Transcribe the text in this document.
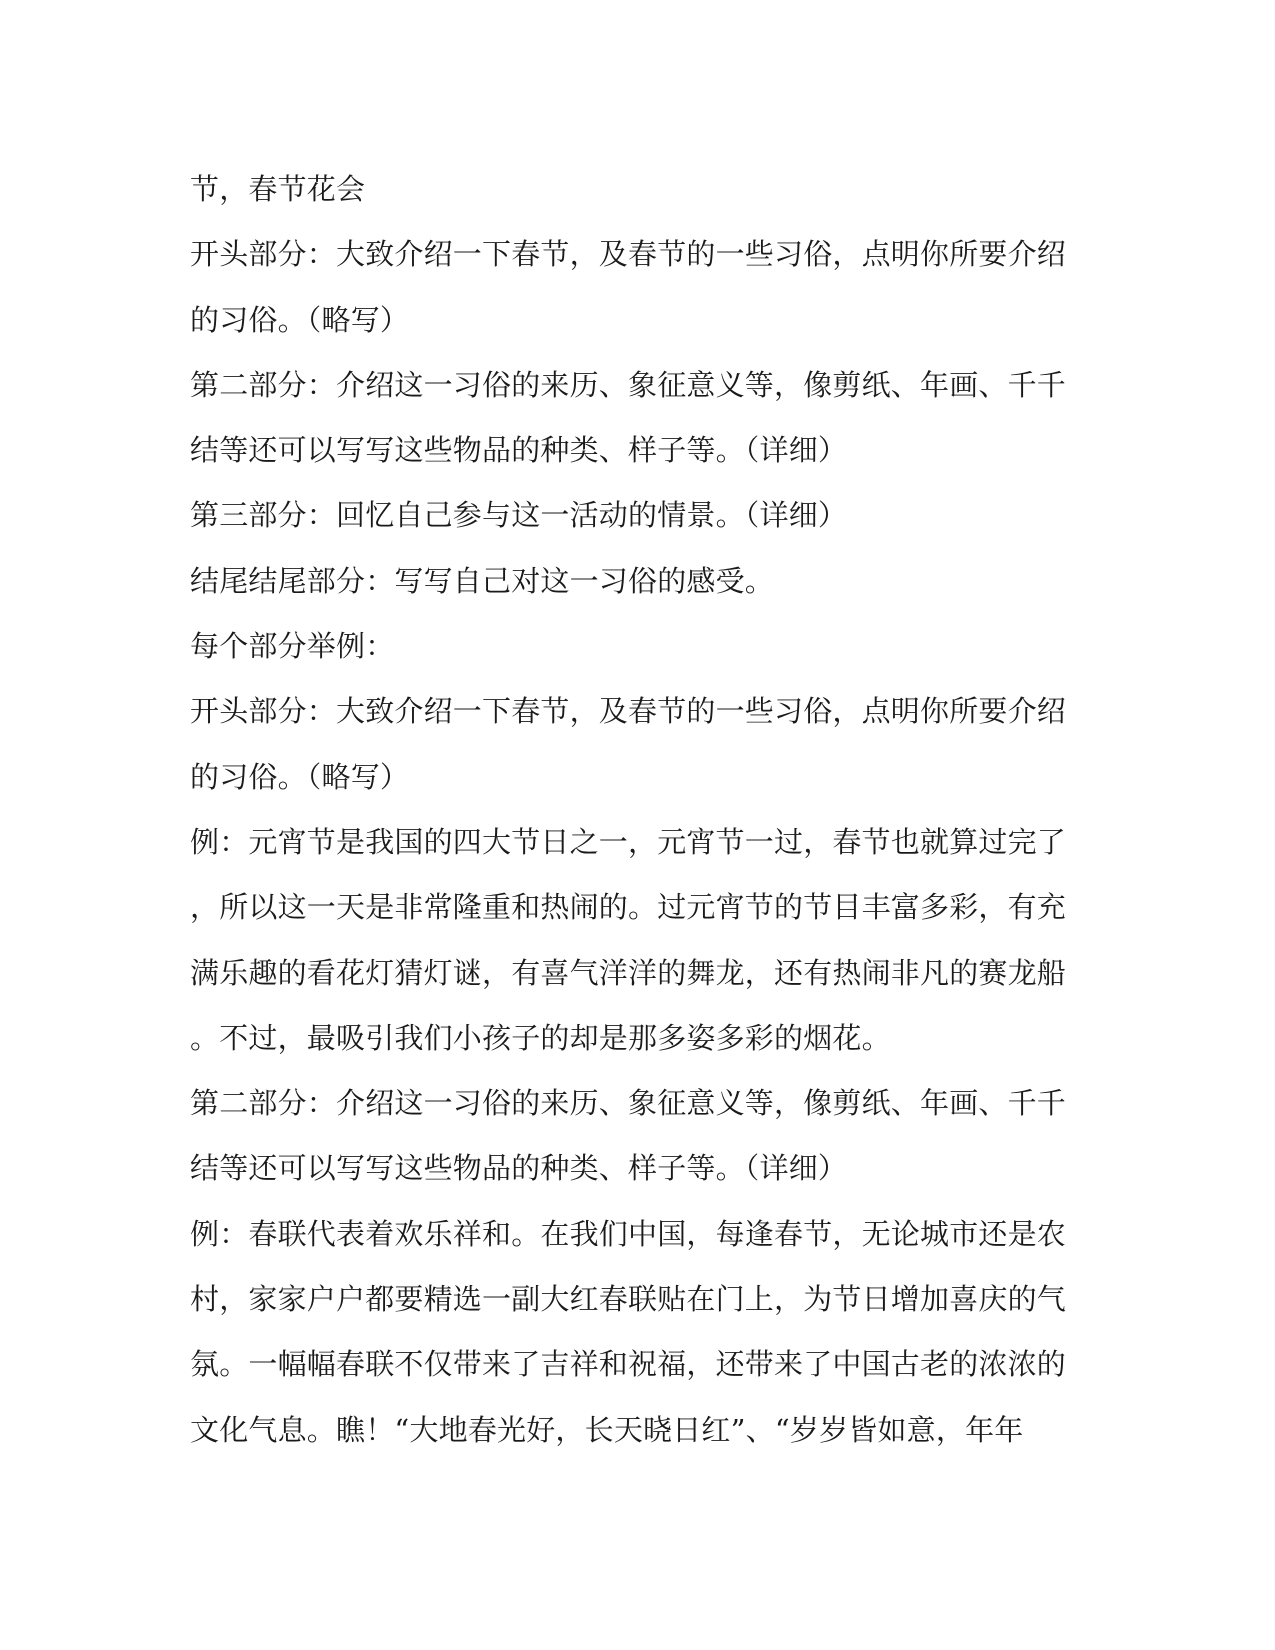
节，春节花会
开头部分：大致介绍一下春节，及春节的一些习俗，点明你所要介绍
的习俗。（略写）
第二部分：介绍这一习俗的来历、象征意义等，像剪纸、年画、千千
结等还可以写写这些物品的种类、样子等。（详细）
第三部分：回忆自己参与这一活动的情景。（详细）
结尾结尾部分：写写自己对这一习俗的感受。
每个部分举例：
开头部分：大致介绍一下春节，及春节的一些习俗，点明你所要介绍
的习俗。（略写）
例：元宵节是我国的四大节日之一，元宵节一过，春节也就算过完了
，所以这一天是非常隆重和热闹的。过元宵节的节目丰富多彩，有充
满乐趣的看花灯猜灯谜，有喜气洋洋的舞龙，还有热闹非凡的赛龙船
。不过，最吸引我们小孩子的却是那多姿多彩的烟花。
第二部分：介绍这一习俗的来历、象征意义等，像剪纸、年画、千千
结等还可以写写这些物品的种类、样子等。（详细）
例：春联代表着欢乐祥和。在我们中国，每逢春节，无论城市还是农
村，家家户户都要精选一副大红春联贴在门上，为节日增加喜庆的气
氛。一幅幅春联不仅带来了吉祥和祝福，还带来了中国古老的浓浓的
文化气息。瞧！“大地春光好，长天晓日红”、“岁岁皆如意，年年
